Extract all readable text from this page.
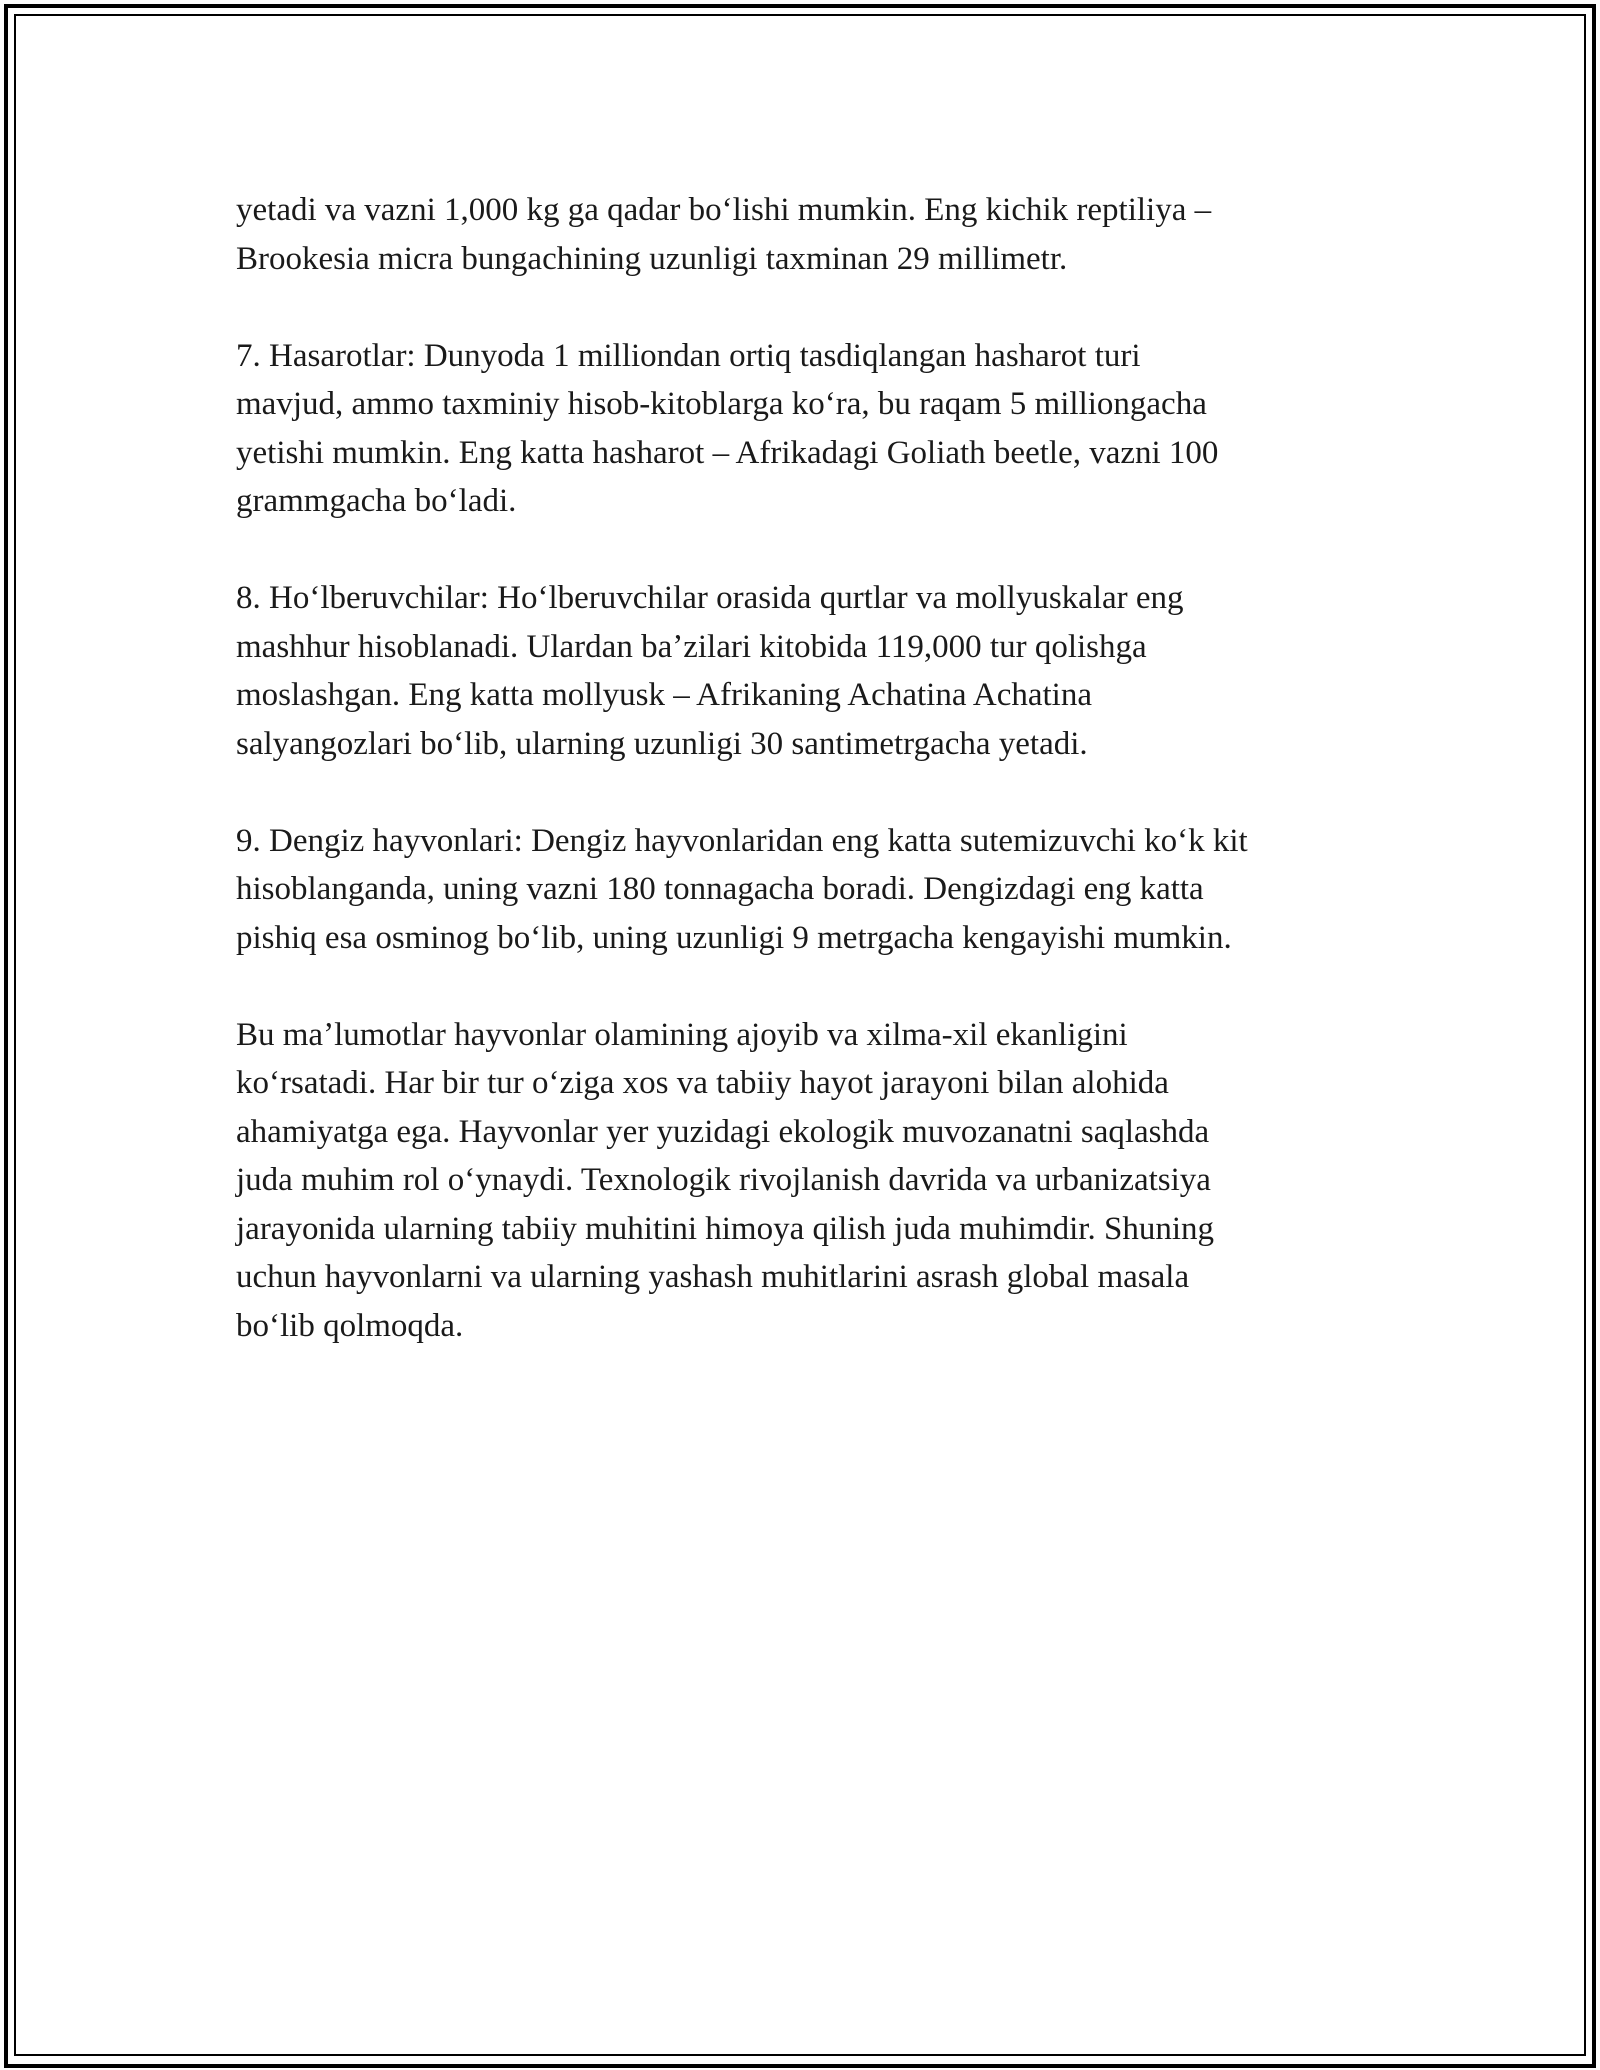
yetadi va vazni 1,000 kg ga qadar boʻlishi mumkin. Eng kichik reptiliya –
Brookesia micra bungachining uzunligi taxminan 29 millimetr.

7. Hasarotlar: Dunyoda 1 milliondan ortiq tasdiqlangan hasharot turi
mavjud, ammo taxminiy hisob-kitoblarga koʻra, bu raqam 5 milliongacha
yetishi mumkin. Eng katta hasharot – Afrikadagi Goliath beetle, vazni 100
grammgacha boʻladi.

8. Hoʻlberuvchilar: Hoʻlberuvchilar orasida qurtlar va mollyuskalar eng
mashhur hisoblanadi. Ulardan baʼzilari kitobida 119,000 tur qolishga
moslashgan. Eng katta mollyusk – Afrikaning Achatina Achatina
salyangozlari boʻlib, ularning uzunligi 30 santimetrgacha yetadi.

9. Dengiz hayvonlari: Dengiz hayvonlaridan eng katta sutemizuvchi koʻk kit
hisoblanganda, uning vazni 180 tonnagacha boradi. Dengizdagi eng katta
pishiq esa osminog boʻlib, uning uzunligi 9 metrgacha kengayishi mumkin.

Bu maʼlumotlar hayvonlar olamining ajoyib va xilma-xil ekanligini
koʻrsatadi. Har bir tur oʻziga xos va tabiiy hayot jarayoni bilan alohida
ahamiyatga ega. Hayvonlar yer yuzidagi ekologik muvozanatni saqlashda
juda muhim rol oʻynaydi. Texnologik rivojlanish davrida va urbanizatsiya
jarayonida ularning tabiiy muhitini himoya qilish juda muhimdir. Shuning
uchun hayvonlarni va ularning yashash muhitlarini asrash global masala
boʻlib qolmoqda.
